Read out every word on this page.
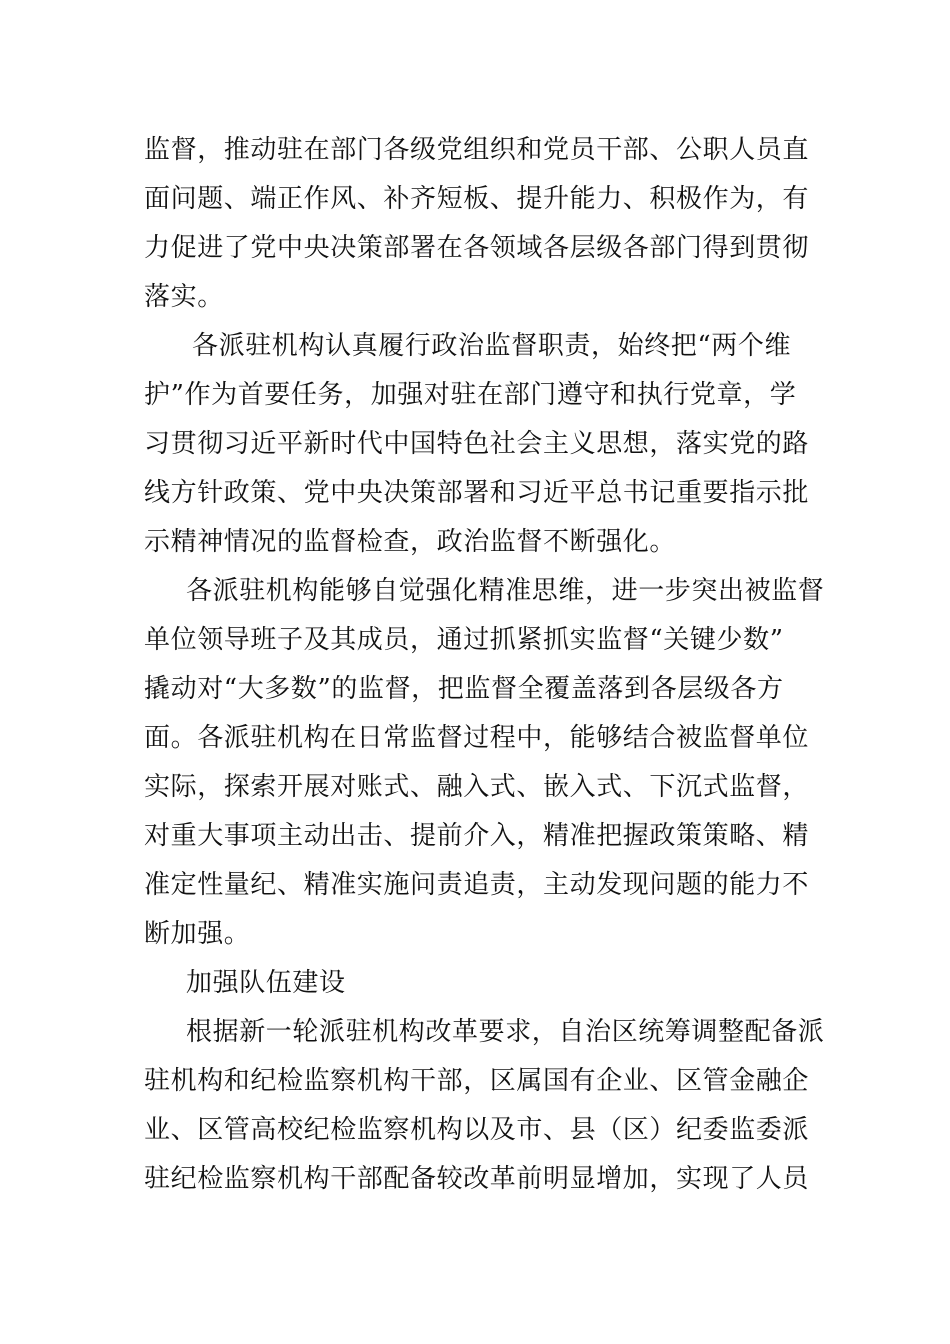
监督，推动驻在部门各级党组织和党员干部、公职人员直
面问题、端正作风、补齐短板、提升能力、积极作为，有
力促进了党中央决策部署在各领域各层级各部门得到贯彻
落实。
各派驻机构认真履行政治监督职责，始终把“两个维
护”作为首要任务，加强对驻在部门遵守和执行党章，学
习贯彻习近平新时代中国特色社会主义思想，落实党的路
线方针政策、党中央决策部署和习近平总书记重要指示批
示精神情况的监督检查，政治监督不断强化。
各派驻机构能够自觉强化精准思维，进一步突出被监督
单位领导班子及其成员，通过抓紧抓实监督“关键少数”
撬动对“大多数”的监督，把监督全覆盖落到各层级各方
面。各派驻机构在日常监督过程中，能够结合被监督单位
实际，探索开展对账式、融入式、嵌入式、下沉式监督，
对重大事项主动出击、提前介入，精准把握政策策略、精
准定性量纪、精准实施问责追责，主动发现问题的能力不
断加强。
加强队伍建设
根据新一轮派驻机构改革要求，自治区统筹调整配备派
驻机构和纪检监察机构干部，区属国有企业、区管金融企
业、区管高校纪检监察机构以及市、县（区）纪委监委派
驻纪检监察机构干部配备较改革前明显增加，实现了人员
